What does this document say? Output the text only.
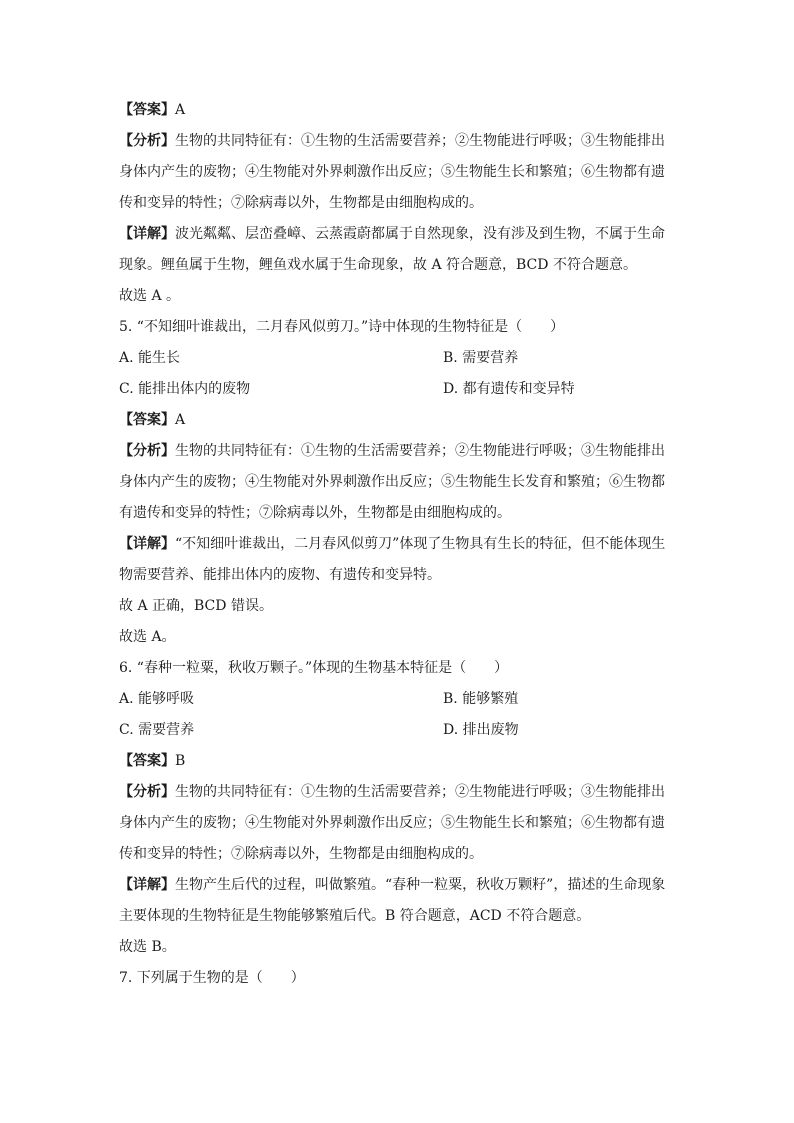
【答案】A
【分析】生物的共同特征有：①生物的生活需要营养；②生物能进行呼吸；③生物能排出
身体内产生的废物；④生物能对外界刺激作出反应；⑤生物能生长和繁殖；⑥生物都有遗
传和变异的特性；⑦除病毒以外，生物都是由细胞构成的。
【详解】波光粼粼、层峦叠嶂、云蒸霞蔚都属于自然现象，没有涉及到生物，不属于生命
现象。鲤鱼属于生物，鲤鱼戏水属于生命现象，故 A 符合题意，BCD 不符合题意。
故选 A 。
5. “不知细叶谁裁出，二月春风似剪刀。”诗中体现的生物特征是（　　）
A. 能生长	B. 需要营养
C. 能排出体内的废物	D. 都有遗传和变异特
【答案】A
【分析】生物的共同特征有：①生物的生活需要营养；②生物能进行呼吸；③生物能排出
身体内产生的废物；④生物能对外界刺激作出反应；⑤生物能生长发育和繁殖；⑥生物都
有遗传和变异的特性；⑦除病毒以外，生物都是由细胞构成的。
【详解】“不知细叶谁裁出，二月春风似剪刀”体现了生物具有生长的特征，但不能体现生
物需要营养、能排出体内的废物、有遗传和变异特。
故 A 正确，BCD 错误。
故选 A。
6. “春种一粒粟，秋收万颗子。”体现的生物基本特征是（　　）
A. 能够呼吸	B. 能够繁殖
C. 需要营养	D. 排出废物
【答案】B
【分析】生物的共同特征有：①生物的生活需要营养；②生物能进行呼吸；③生物能排出
身体内产生的废物；④生物能对外界刺激作出反应；⑤生物能生长和繁殖；⑥生物都有遗
传和变异的特性；⑦除病毒以外，生物都是由细胞构成的。
【详解】生物产生后代的过程，叫做繁殖。“春种一粒粟，秋收万颗籽”，描述的生命现象
主要体现的生物特征是生物能够繁殖后代。B 符合题意，ACD 不符合题意。
故选 B。
7. 下列属于生物的是（　　）
